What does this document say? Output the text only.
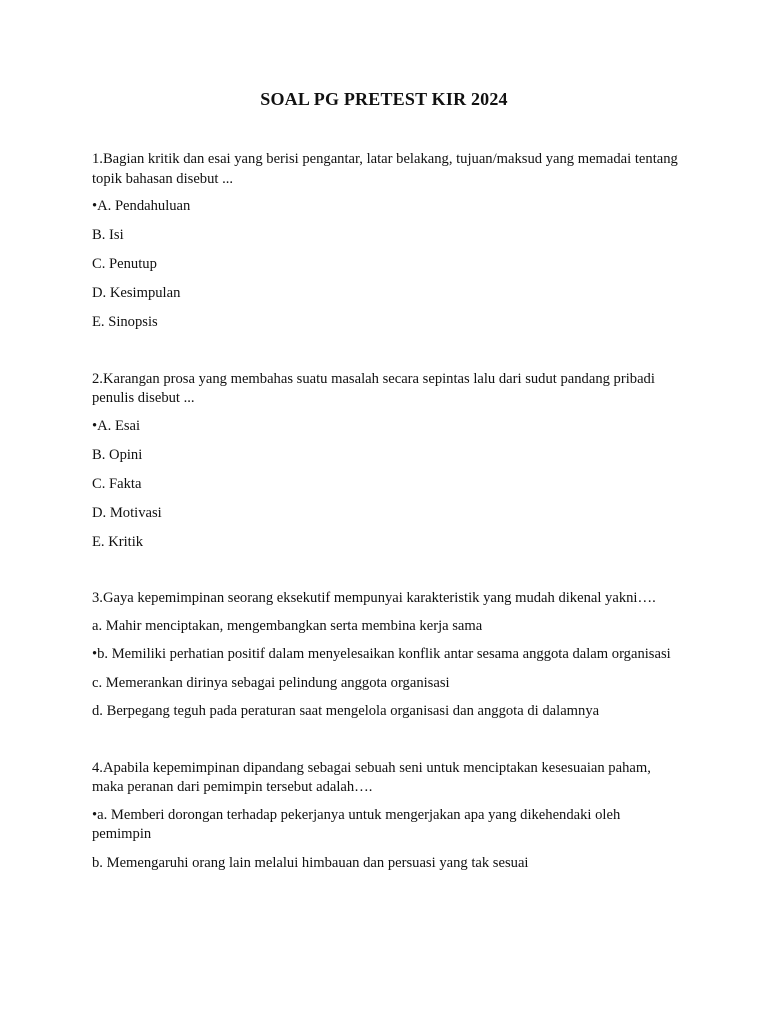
SOAL PG PRETEST KIR 2024

1.Bagian kritik dan esai yang berisi pengantar, latar belakang, tujuan/maksud yang memadai tentang topik bahasan disebut ...

•A. Pendahuluan

B. Isi

C. Penutup

D. Kesimpulan

E. Sinopsis

2.Karangan prosa yang membahas suatu masalah secara sepintas lalu dari sudut pandang pribadi penulis disebut ...

•A. Esai

B. Opini

C. Fakta

D. Motivasi

E. Kritik

3.Gaya kepemimpinan seorang eksekutif mempunyai karakteristik yang mudah dikenal yakni….

a. Mahir menciptakan, mengembangkan serta membina kerja sama

•b. Memiliki perhatian positif dalam menyelesaikan konflik antar sesama anggota dalam organisasi

c. Memerankan dirinya sebagai pelindung anggota organisasi

d. Berpegang teguh pada peraturan saat mengelola organisasi dan anggota di dalamnya

4.Apabila kepemimpinan dipandang sebagai sebuah seni untuk menciptakan kesesuaian paham, maka peranan dari pemimpin tersebut adalah….

•a. Memberi dorongan terhadap pekerjanya untuk mengerjakan apa yang dikehendaki oleh pemimpin

b. Memengaruhi orang lain melalui himbauan dan persuasi yang tak sesuai
